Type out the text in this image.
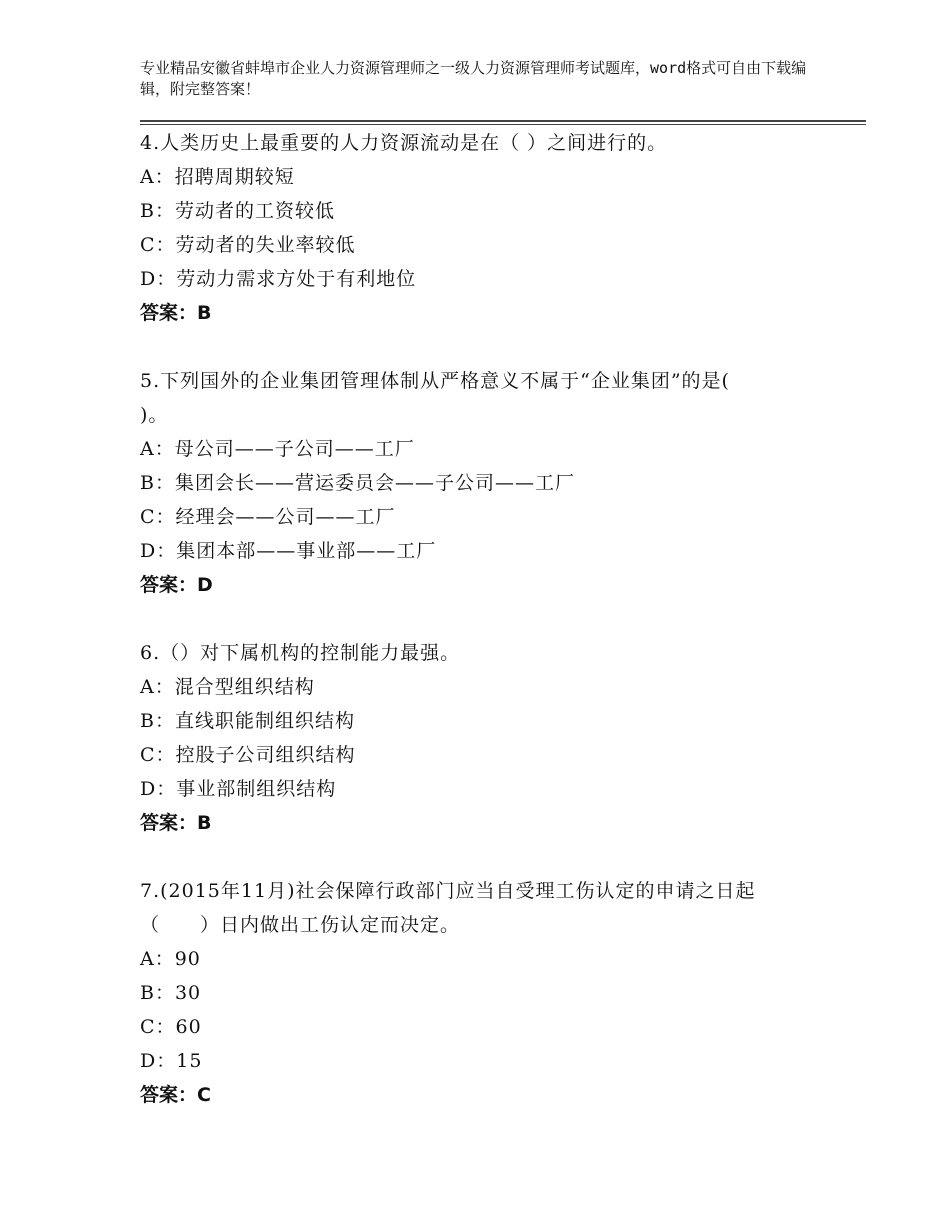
专业精品安徽省蚌埠市企业人力资源管理师之一级人力资源管理师考试题库，word格式可自由下载编辑，附完整答案！
4.人类历史上最重要的人力资源流动是在（ ）之间进行的。
A：招聘周期较短
B：劳动者的工资较低
C：劳动者的失业率较低
D：劳动力需求方处于有利地位
答案：B
5.下列国外的企业集团管理体制从严格意义不属于“企业集团”的是(
)。
A：母公司——子公司——工厂
B：集团会长——营运委员会——子公司——工厂
C：经理会——公司——工厂
D：集团本部——事业部——工厂
答案：D
6.（）对下属机构的控制能力最强。
A：混合型组织结构
B：直线职能制组织结构
C：控股子公司组织结构
D：事业部制组织结构
答案：B
7.(2015年11月)社会保障行政部门应当自受理工伤认定的申请之日起
（　　）日内做出工伤认定而决定。
A：90
B：30
C：60
D：15
答案：C
